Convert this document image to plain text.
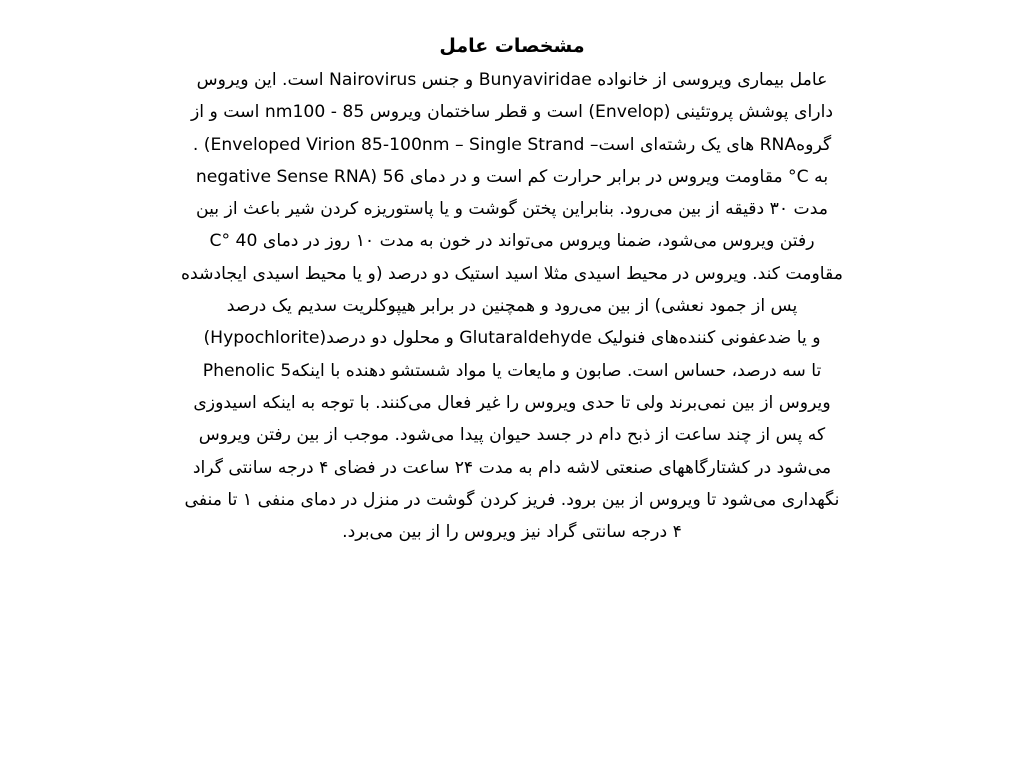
مشخصات عامل
عامل بیماری ویروسی از خانواده Bunyaviridae و جنس Nairovirus است. این ویروس
دارای پوشش پروتئینی (Envelop) است و قطر ساختمان ویروس 85 - nm100 است و از
گروهRNA های یک رشته‌ای است– Enveloped Virion 85-100nm – Single Strand) .
negative Sense RNA) مقاومت ویروس در برابر حرارت کم است و در دمای 56 °C به
مدت ۳۰ دقیقه از بین می‌رود. بنابراین پختن گوشت و یا پاستوریزه کردن شیر باعث از بین
رفتن ویروس می‌شود، ضمنا ویروس می‌تواند در خون به مدت ۱۰ روز در دمای 40 °C
مقاومت کند. ویروس در محیط اسیدی مثلا اسید استیک دو درصد (و یا محیط اسیدی ایجادشده
پس از جمود نعشی) از بین می‌رود و همچنین در برابر هیپوکلریت سدیم یک درصد
(Hypochlorite)و محلول دو درصد Glutaraldehyde و یا ضدعفونی کننده‌های فنولیک
Phenolic 5تا سه درصد، حساس است. صابون و مایعات یا مواد شستشو دهنده با اینکه
ویروس از بین نمی‌برند ولی تا حدی ویروس را غیر فعال می‌کنند. با توجه به اینکه اسیدوزی
که پس از چند ساعت از ذبح دام در جسد حیوان پیدا می‌شود. موجب از بین رفتن ویروس
می‌شود در کشتارگاههای صنعتی لاشه دام به مدت ۲۴ ساعت در فضای ۴ درجه سانتی گراد
نگهداری می‌شود تا ویروس از بین برود. فریز کردن گوشت در منزل در دمای منفی ۱ تا منفی
۴ درجه سانتی گراد نیز ویروس را از بین می‌برد.
